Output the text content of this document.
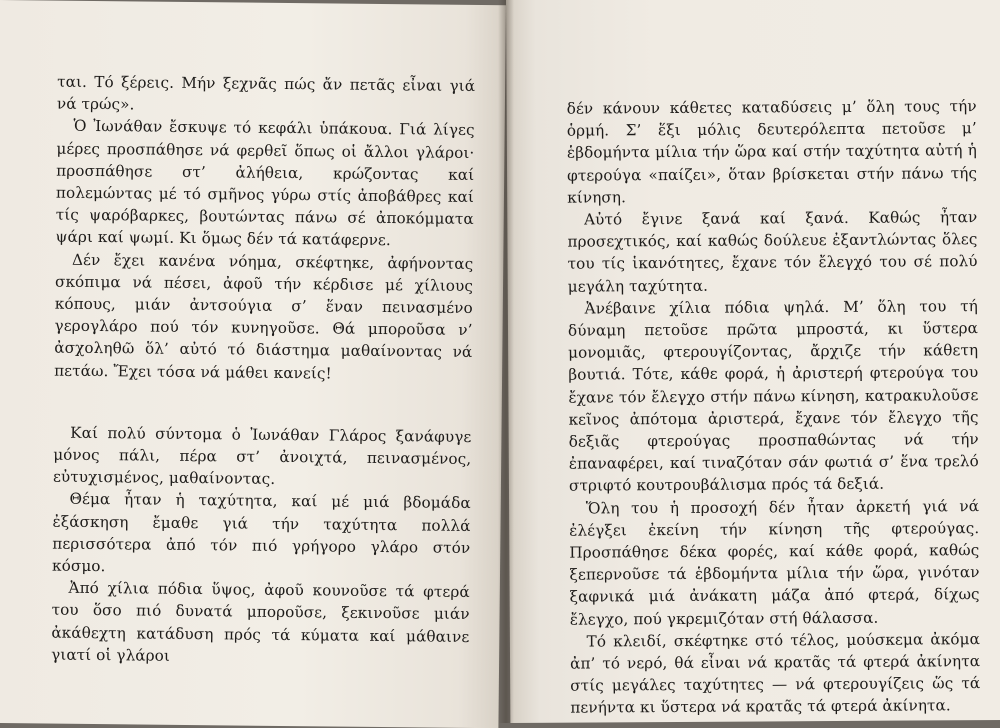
ται. Τό ξέρεις. Μήν ξεχνᾶς πώς ἄν πετᾶς εἶναι γιά νά τρώς».

Ὁ Ἰωνάθαν ἔσκυψε τό κεφάλι ὑπάκουα. Γιά λίγες μέρες προσπάθησε νά φερθεῖ ὅπως οἱ ἄλλοι γλάροι· προσπάθησε στ’ ἀλήθεια, κρώζοντας καί πολεμώντας μέ τό σμῆνος γύρω στίς ἀποβάθρες καί τίς ψαρόβαρκες, βουτώντας πάνω σέ ἀποκόμματα ψάρι καί ψωμί. Κι ὅμως δέν τά κατάφερνε.

Δέν ἔχει κανένα νόημα, σκέφτηκε, ἀφήνοντας σκόπιμα νά πέσει, ἀφοῦ τήν κέρδισε μέ χίλιους κόπους, μιάν ἀντσούγια σ’ ἕναν πεινασμένο γερογλάρο πού τόν κυνηγοῦσε. Θά μποροῦσα ν’ ἀσχοληθῶ ὅλ’ αὐτό τό διάστημα μαθαίνοντας νά πετάω. Ἔχει τόσα νά μάθει κανείς!

Καί πολύ σύντομα ὁ Ἰωνάθαν Γλάρος ξανάφυγε μόνος πάλι, πέρα στ’ ἀνοιχτά, πεινασμένος, εὐτυχισμένος, μαθαίνοντας.

Θέμα ἦταν ἡ ταχύτητα, καί μέ μιά βδομάδα ἐξάσκηση ἔμαθε γιά τήν ταχύτητα πολλά περισσότερα ἀπό τόν πιό γρήγορο γλάρο στόν κόσμο.

Ἀπό χίλια πόδια ὕψος, ἀφοῦ κουνοῦσε τά φτερά του ὅσο πιό δυνατά μποροῦσε, ξεκινοῦσε μιάν ἀκάθεχτη κατάδυση πρός τά κύματα καί μάθαινε γιατί οἱ γλάροι

δέν κάνουν κάθετες καταδύσεις μ’ ὅλη τους τήν ὁρμή. Σ’ ἕξι μόλις δευτερόλεπτα πετοῦσε μ’ ἑβδομήντα μίλια τήν ὥρα καί στήν ταχύτητα αὐτή ἡ φτερούγα «παίζει», ὅταν βρίσκεται στήν πάνω τής κίνηση.

Αὐτό ἔγινε ξανά καί ξανά. Καθώς ἦταν προσεχτικός, καί καθώς δούλευε ἐξαντλώντας ὅλες του τίς ἱκανότητες, ἔχανε τόν ἔλεγχό του σέ πολύ μεγάλη ταχύτητα.

Ἀνέβαινε χίλια πόδια ψηλά. Μ’ ὅλη του τή δύναμη πετοῦσε πρῶτα μπροστά, κι ὕστερα μονομιᾶς, φτερουγίζοντας, ἄρχιζε τήν κάθετη βουτιά. Τότε, κάθε φορά, ἡ ἀριστερή φτερούγα του ἔχανε τόν ἔλεγχο στήν πάνω κίνηση, κατρακυλοῦσε κεῖνος ἀπότομα ἀριστερά, ἔχανε τόν ἔλεγχο τῆς δεξιᾶς φτερούγας προσπαθώντας νά τήν ἐπαναφέρει, καί τιναζόταν σάν φωτιά σ’ ἕνα τρελό στριφτό κουτρουβάλισμα πρός τά δεξιά.

Ὅλη του ἡ προσοχή δέν ἦταν ἀρκετή γιά νά ἐλέγξει ἐκείνη τήν κίνηση τῆς φτερούγας. Προσπάθησε δέκα φορές, καί κάθε φορά, καθώς ξεπερνοῦσε τά ἑβδομήντα μίλια τήν ὥρα, γινόταν ξαφνικά μιά ἀνάκατη μάζα ἀπό φτερά, δίχως ἔλεγχο, πού γκρεμιζόταν στή θάλασσα.

Τό κλειδί, σκέφτηκε στό τέλος, μούσκεμα ἀκόμα ἀπ’ τό νερό, θά εἶναι νά κρατᾶς τά φτερά ἀκίνητα στίς μεγάλες ταχύτητες — νά φτερουγίζεις ὥς τά πενήντα κι ὕστερα νά κρατᾶς τά φτερά ἀκίνητα.
